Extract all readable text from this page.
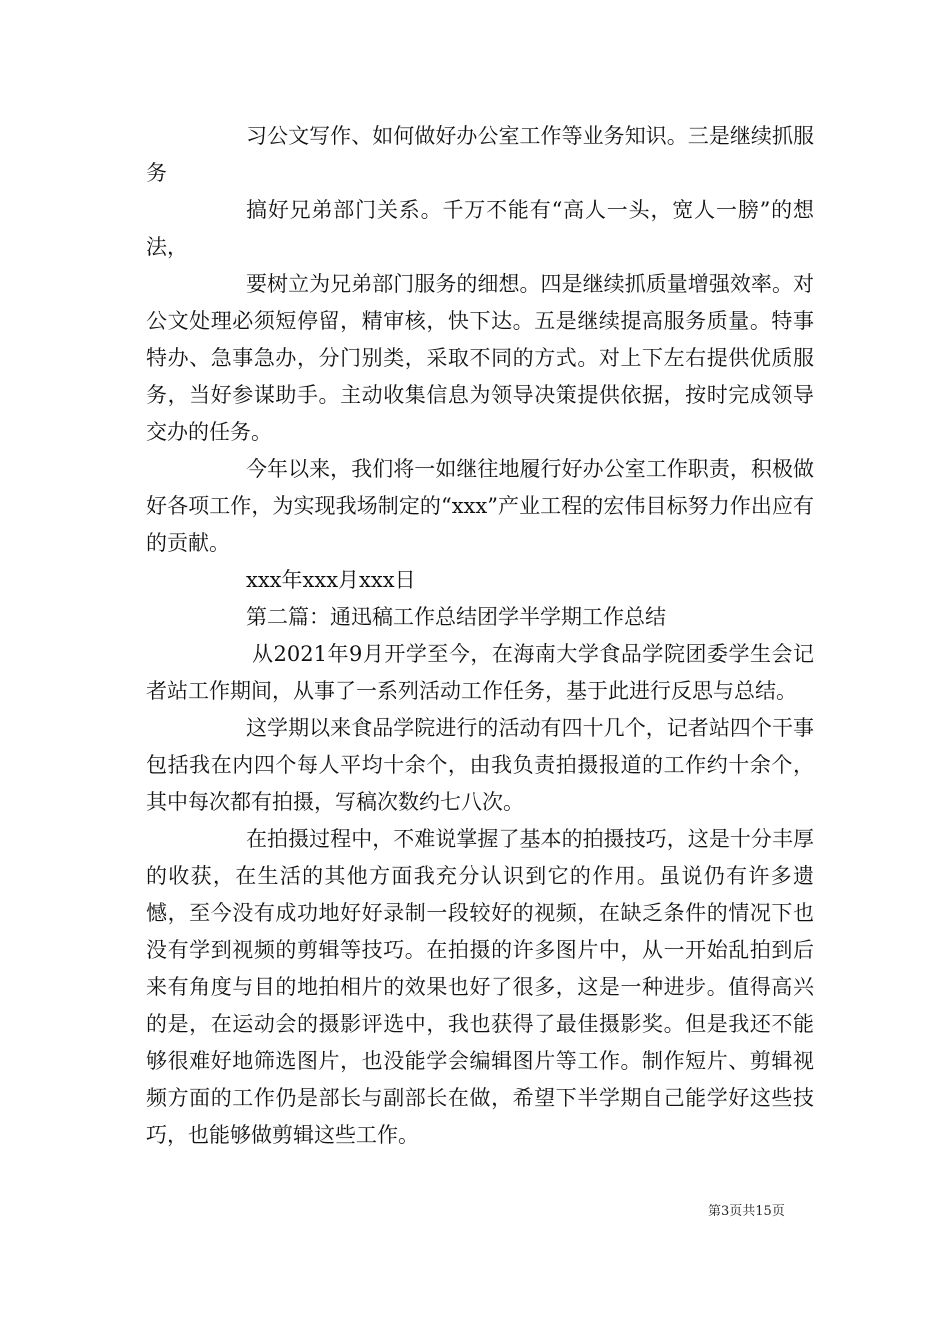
习公文写作、如何做好办公室工作等业务知识。三是继续抓服务

搞好兄弟部门关系。千万不能有“高人一头，宽人一膀”的想法，

要树立为兄弟部门服务的细想。四是继续抓质量增强效率。对公文处理必须短停留，精审核，快下达。五是继续提高服务质量。特事特办、急事急办，分门别类，采取不同的方式。对上下左右提供优质服务，当好参谋助手。主动收集信息为领导决策提供依据，按时完成领导交办的任务。

今年以来，我们将一如继往地履行好办公室工作职责，积极做好各项工作，为实现我场制定的“xxx”产业工程的宏伟目标努力作出应有的贡献。

xxx年xxx月xxx日

第二篇：通迅稿工作总结团学半学期工作总结

从2021年9月开学至今，在海南大学食品学院团委学生会记者站工作期间，从事了一系列活动工作任务，基于此进行反思与总结。

这学期以来食品学院进行的活动有四十几个，记者站四个干事包括我在内四个每人平均十余个，由我负责拍摄报道的工作约十余个，其中每次都有拍摄，写稿次数约七八次。

在拍摄过程中，不难说掌握了基本的拍摄技巧，这是十分丰厚的收获，在生活的其他方面我充分认识到它的作用。虽说仍有许多遗憾，至今没有成功地好好录制一段较好的视频，在缺乏条件的情况下也没有学到视频的剪辑等技巧。在拍摄的许多图片中，从一开始乱拍到后来有角度与目的地拍相片的效果也好了很多，这是一种进步。值得高兴的是，在运动会的摄影评选中，我也获得了最佳摄影奖。但是我还不能够很难好地筛选图片，也没能学会编辑图片等工作。制作短片、剪辑视频方面的工作仍是部长与副部长在做，希望下半学期自己能学好这些技巧，也能够做剪辑这些工作。

第3页共15页
